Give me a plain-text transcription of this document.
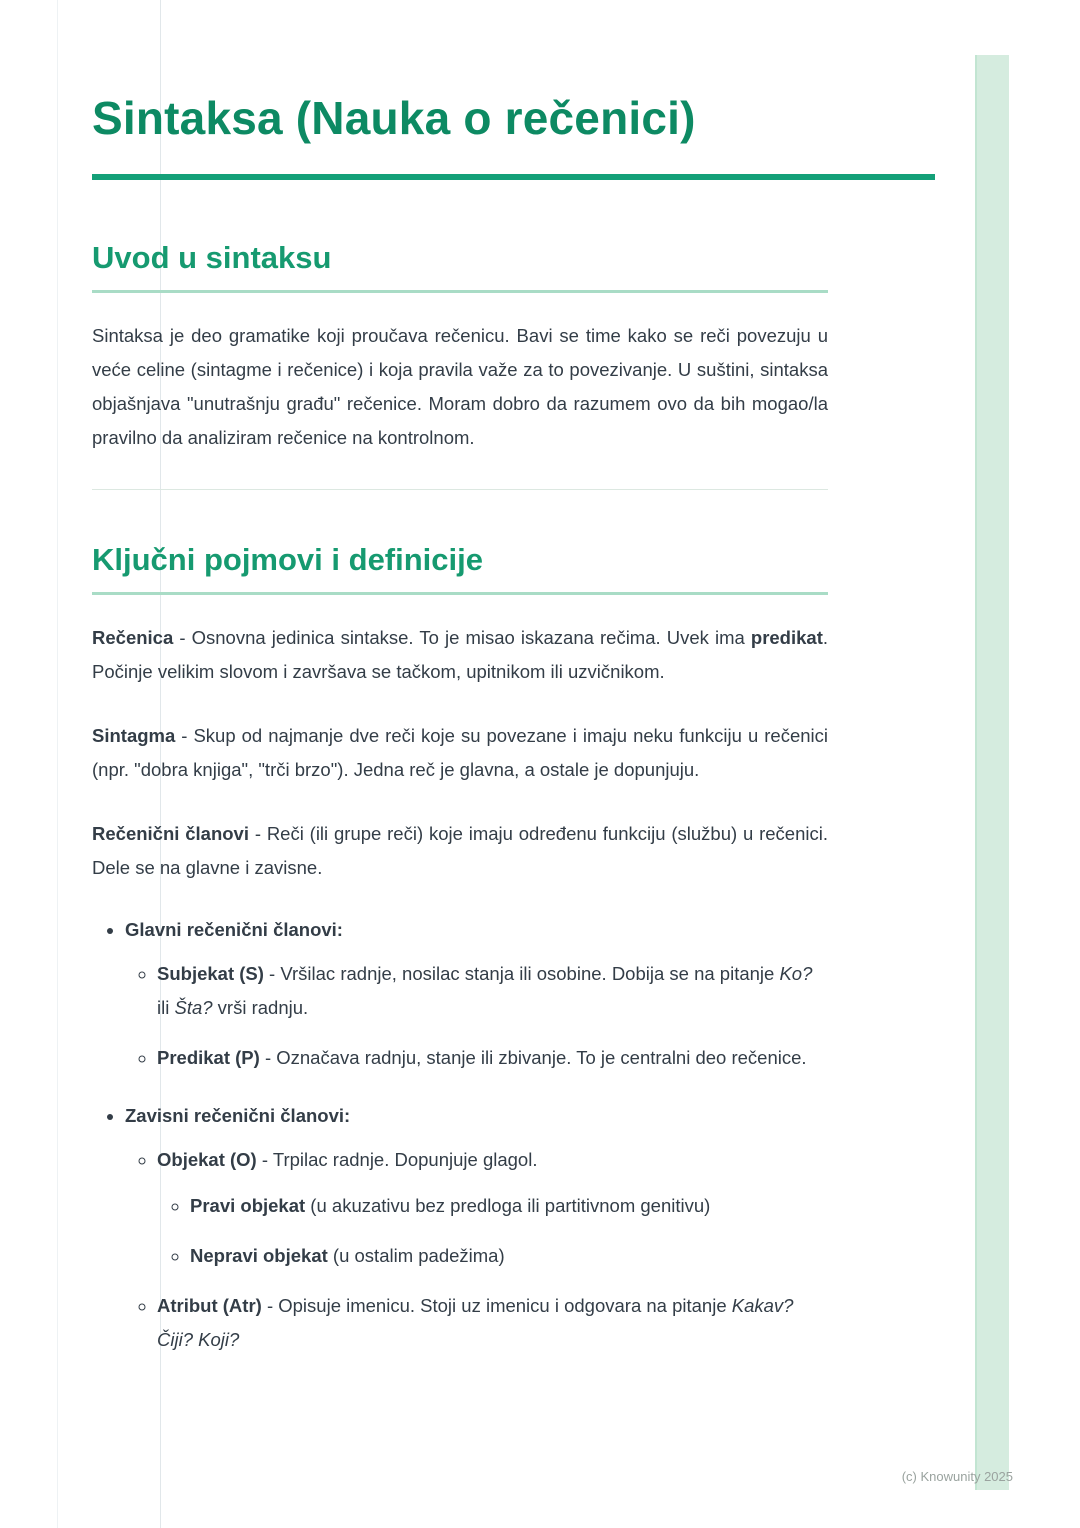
Sintaksa (Nauka o rečenici)
Uvod u sintaksu

Sintaksa je deo gramatike koji proučava rečenicu. Bavi se time kako se reči povezuju u veće celine (sintagme i rečenice) i koja pravila važe za to povezivanje. U suštini, sintaksa objašnjava "unutrašnju građu" rečenice. Moram dobro da razumem ovo da bih mogao/la pravilno da analiziram rečenice na kontrolnom.

Ključni pojmovi i definicije

Rečenica - Osnovna jedinica sintakse. To je misao iskazana rečima. Uvek ima predikat. Počinje velikim slovom i završava se tačkom, upitnikom ili uzvičnikom.

Sintagma - Skup od najmanje dve reči koje su povezane i imaju neku funkciju u rečenici (npr. "dobra knjiga", "trči brzo"). Jedna reč je glavna, a ostale je dopunjuju.

Rečenični članovi - Reči (ili grupe reči) koje imaju određenu funkciju (službu) u rečenici. Dele se na glavne i zavisne.

• Glavni rečenični članovi:

◦ Subjekat (S) - Vršilac radnje, nosilac stanja ili osobine. Dobija se na pitanje Ko? ili Šta? vrši radnju.

◦ Predikat (P) - Označava radnju, stanje ili zbivanje. To je centralni deo rečenice.

• Zavisni rečenični članovi:

◦ Objekat (O) - Trpilac radnje. Dopunjuje glagol.

◦ Pravi objekat (u akuzativu bez predloga ili partitivnom genitivu)

◦ Nepravi objekat (u ostalim padežima)

◦ Atribut (Atr) - Opisuje imenicu. Stoji uz imenicu i odgovara na pitanje Kakav? Čiji? Koji?

(c) Knowunity 2025
